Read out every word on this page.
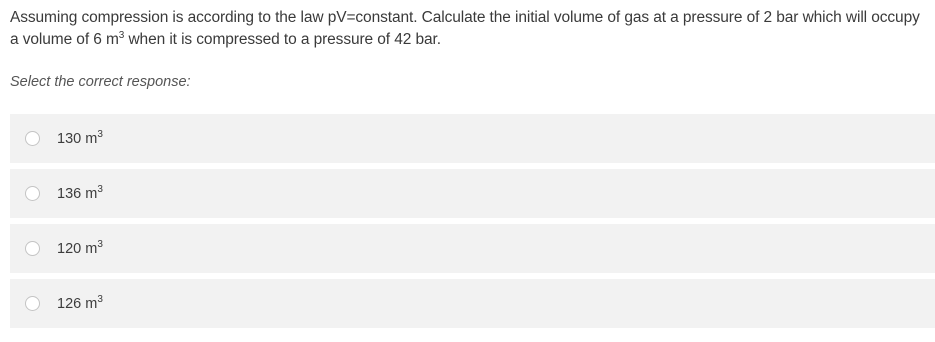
Assuming compression is according to the law pV=constant. Calculate the initial volume of gas at a pressure of 2 bar which will occupy a volume of 6 $m^3$ when it is compressed to a pressure of 42 bar.
Select the correct response:
130 $m^3$
136 $m^3$
120 $m^3$
126 $m^3$
